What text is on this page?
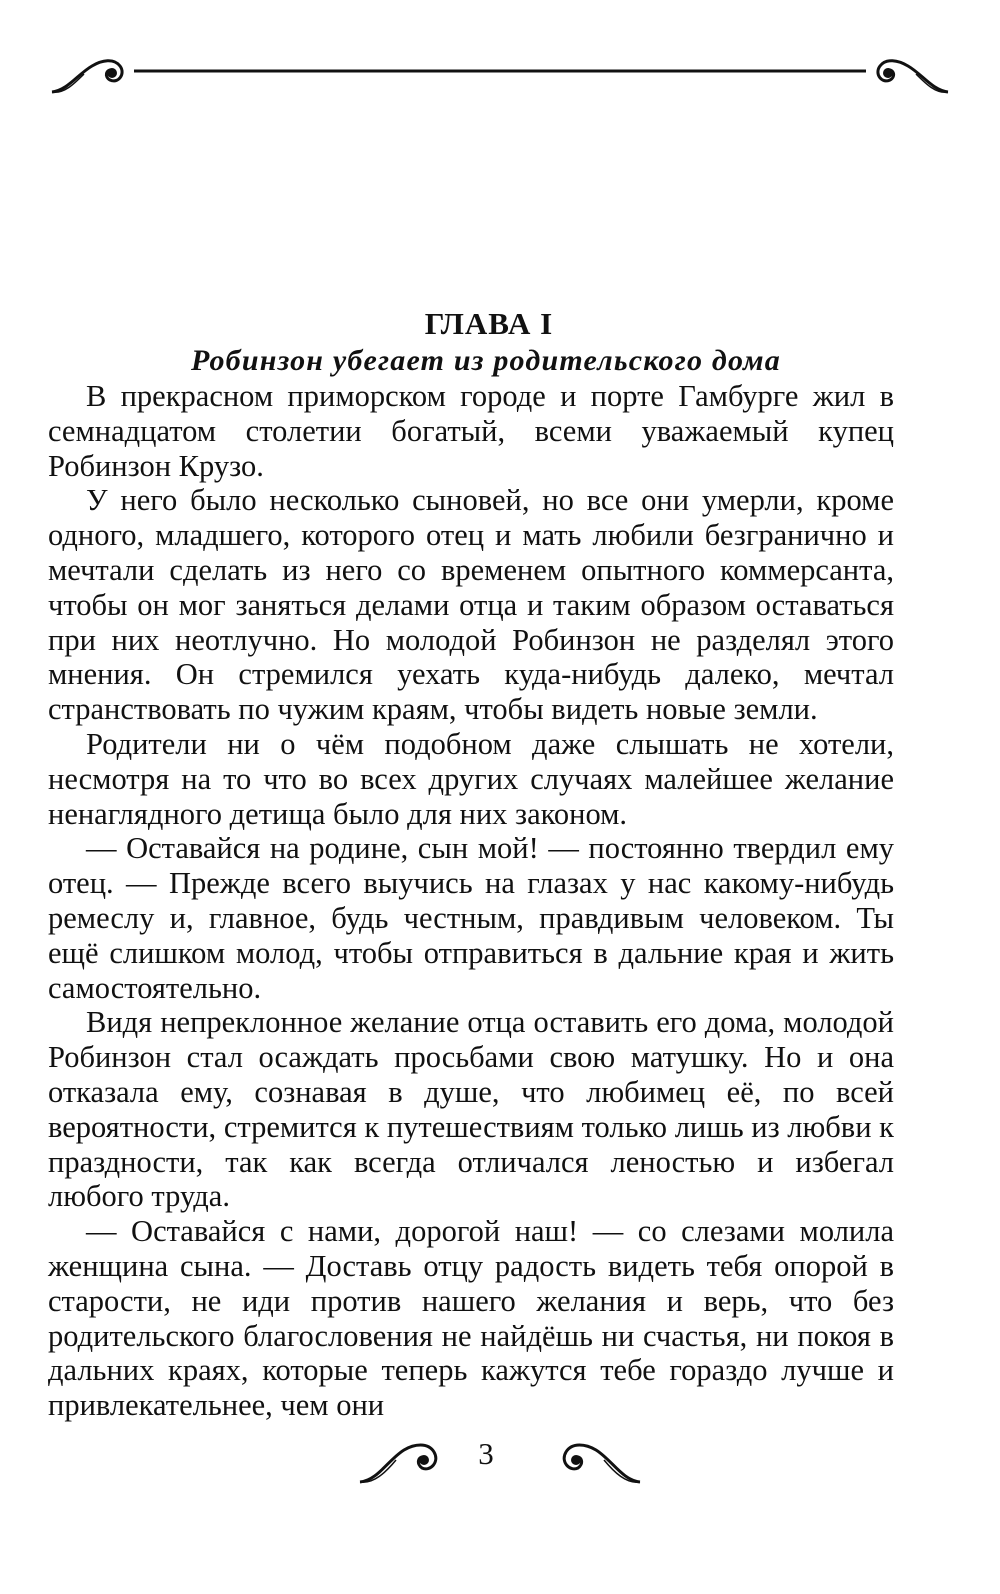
ГЛАВА I
Робинзон убегает из родительского дома

В прекрасном приморском городе и порте Гамбурге жил в семнадцатом столетии богатый, всеми уважаемый купец Робинзон Крузо.

У него было несколько сыновей, но все они умерли, кроме одного, младшего, которого отец и мать любили безгранично и мечтали сделать из него со временем опытного коммерсанта, чтобы он мог заняться делами отца и таким образом оставаться при них неотлучно. Но молодой Робинзон не разделял этого мнения. Он стремился уехать куда-нибудь далеко, мечтал странствовать по чужим краям, чтобы видеть новые земли.

Родители ни о чём подобном даже слышать не хотели, несмотря на то что во всех других случаях малейшее желание ненаглядного детища было для них законом.

— Оставайся на родине, сын мой! — постоянно твердил ему отец. — Прежде всего выучись на глазах у нас какому-нибудь ремеслу и, главное, будь честным, правдивым человеком. Ты ещё слишком молод, чтобы отправиться в дальние края и жить самостоятельно.

Видя непреклонное желание отца оставить его дома, молодой Робинзон стал осаждать просьбами свою матушку. Но и она отказала ему, сознавая в душе, что любимец её, по всей вероятности, стремится к путешествиям только лишь из любви к праздности, так как всегда отличался леностью и избегал любого труда.

— Оставайся с нами, дорогой наш! — со слезами молила женщина сына. — Доставь отцу радость видеть тебя опорой в старости, не иди против нашего желания и верь, что без родительского благословения не найдёшь ни счастья, ни покоя в дальних краях, которые теперь кажутся тебе гораздо лучше и привлекательнее, чем они

3
